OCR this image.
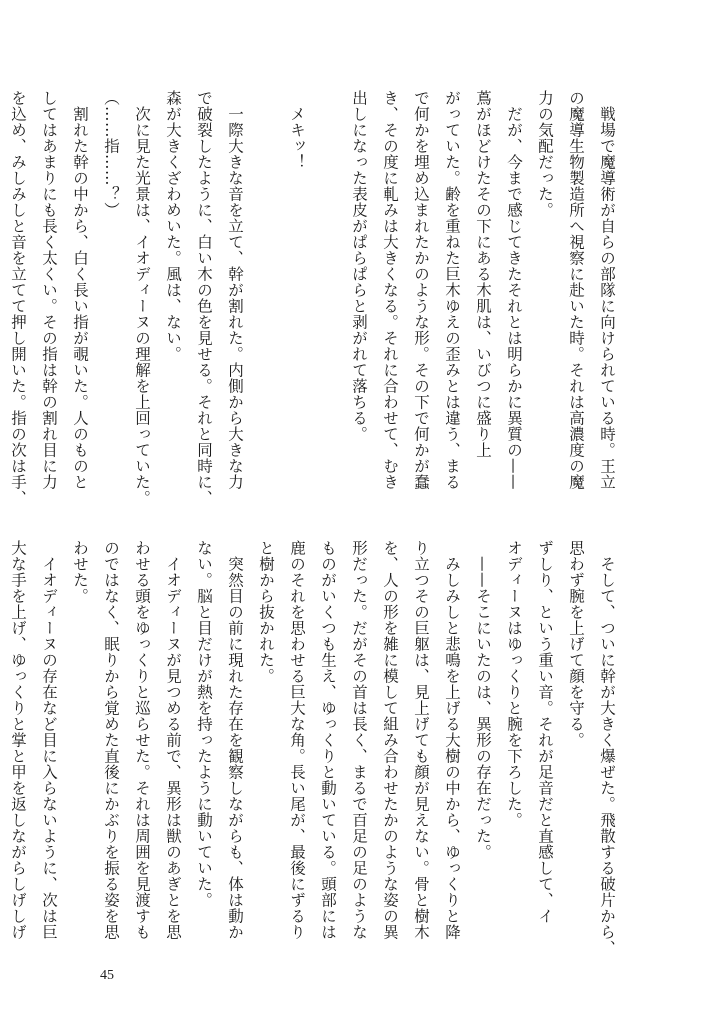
　戦場で魔導術が自らの部隊に向けられている時。王立
の魔導生物製造所へ視察に赴いた時。それは高濃度の魔
力の気配だった。
　だが、今まで感じてきたそれとは明らかに異質の——
蔦がほどけたその下にある木肌は、いびつに盛り上
がっていた。齢を重ねた巨木ゆえの歪みとは違う、まる
で何かを埋め込まれたかのような形。その下で何かが蠢
き、その度に軋みは大きくなる。それに合わせて、むき
出しになった表皮がぱらぱらと剥がれて落ちる。

　メキッ！

　一際大きな音を立て、幹が割れた。内側から大きな力
で破裂したように、白い木の色を見せる。それと同時に、
森が大きくざわめいた。風は、ない。
　次に見た光景は、イオディーヌの理解を上回っていた。
（……指……？）
　割れた幹の中から、白く長い指が覗いた。人のものと
してはあまりにも長く太くい。その指は幹の割れ目に力
を込め、みしみしと音を立てて押し開いた。指の次は手、
　そして、ついに幹が大きく爆ぜた。飛散する破片から、
思わず腕を上げて顔を守る。
ずしり、という重い音。それが足音だと直感して、イ
オディーヌはゆっくりと腕を下ろした。
　——そこにいたのは、異形の存在だった。
　みしみしと悲鳴を上げる大樹の中から、ゆっくりと降
り立つその巨躯は、見上げても顔が見えない。骨と樹木
を、人の形を雑に模して組み合わせたかのような姿の異
形だった。だがその首は長く、まるで百足の足のような
ものがいくつも生え、ゆっくりと動いている。頭部には
鹿のそれを思わせる巨大な角。長い尾が、最後にずるり
と樹から抜かれた。
　突然目の前に現れた存在を観察しながらも、体は動か
ない。脳と目だけが熱を持ったように動いていた。
　イオディーヌが見つめる前で、異形は獣のあぎとを思
わせる頭をゆっくりと巡らせた。それは周囲を見渡すも
のではなく、眠りから覚めた直後にかぶりを振る姿を思
わせた。
　イオディーヌの存在など目に入らないように、次は巨
大な手を上げ、ゆっくりと掌と甲を返しながらしげしげ
45
